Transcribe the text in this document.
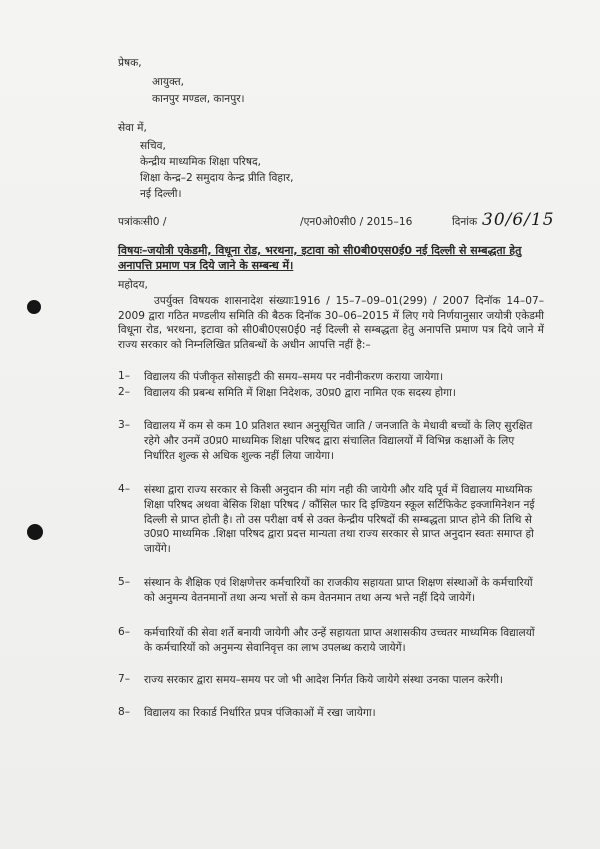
प्रेषक,
आयुक्त,
कानपुर मण्डल, कानपुर।
सेवा में,
सचिव,
केन्द्रीय माध्यमिक शिक्षा परिषद,
शिक्षा केन्द्र–2 समुदाय केन्द्र प्रीति विहार,
नई दिल्ली।
पत्रांकःसी0 /	/एन0ओ0सी0 / 2015–16	दिनांक 30/6/15
विषयः–जयोत्री एकेडमी, विधूना रोड, भरथना, इटावा को सी0बी0एस0ई0 नई दिल्ली से सम्बद्धता हेतु अनापत्ति प्रमाण पत्र दिये जाने के सम्बन्ध में।
महोदय,
उपर्युक्त विषयक शासनादेश संख्याः1916 / 15–7–09–01(299) / 2007 दिनॉक 14–07–2009 द्वारा गठित मण्डलीय समिति की बैठक दिनॉक 30–06–2015 में लिए गये निर्णयानुसार जयोत्री एकेडमी विधूना रोड, भरथना, इटावा को सी0बी0एस0ई0 नई दिल्ली से सम्बद्धता हेतु अनापत्ति प्रमाण पत्र दिये जाने में राज्य सरकार को निम्नलिखित प्रतिबन्धों के अधीन आपत्ति नहीं है:–
1– विद्यालय की पंजीकृत सोसाइटी की समय–समय पर नवीनीकरण कराया जायेगा।
2– विद्यालय की प्रबन्ध समिति में शिक्षा निदेशक, उ0प्र0 द्वारा नामित एक सदस्य होगा।
3– विद्यालय में कम से कम 10 प्रतिशत स्थान अनुसूचित जाति / जनजाति के मेधावी बच्चों के लिए सुरक्षित रहेगे और उनमें उ0प्र0 माध्यमिक शिक्षा परिषद द्वारा संचालित विद्यालयों में विभिन्न कक्षाओं के लिए निर्धारित शुल्क से अधिक शुल्क नहीं लिया जायेगा।
4– संस्था द्वारा राज्य सरकार से किसी अनुदान की मांग नही की जायेगी और यदि पूर्व में विद्यालय माध्यमिक शिक्षा परिषद अथवा बेसिक शिक्षा परिषद / कौंसिल फार दि इण्डियन स्कूल सर्टिफिकेट इक्जामिनेशन नई दिल्ली से प्राप्त होती है। तो उस परीक्षा वर्ष से उक्त केन्द्रीय परिषदों की सम्बद्धता प्राप्त होने की तिथि से उ0प्र0 माध्यमिक .शिक्षा परिषद द्वारा प्रदत्त मान्यता तथा राज्य सरकार से प्राप्त अनुदान स्वतः समाप्त हो जायेंगे।
5– संस्थान के शैक्षिक एवं शिक्षणेत्तर कर्मचारियों का राजकीय सहायता प्राप्त शिक्षण संस्थाओं के कर्मचारियों को अनुमन्य वेतनमानों तथा अन्य भत्तों से कम वेतनमान तथा अन्य भत्ते नहीं दिये जायेगें।
6– कर्मचारियों की सेवा शर्ते बनायी जायेगी और उन्हें सहायता प्राप्त अशासकीय उच्चतर माध्यमिक विद्यालयों के कर्मचारियों को अनुमन्य सेवानिवृत्त का लाभ उपलब्ध कराये जायेगें।
7– राज्य सरकार द्वारा समय–समय पर जो भी आदेश निर्गत किये जायेगे संस्था उनका पालन करेगी।
8– विद्यालय का रिकार्ड निर्धारित प्रपत्र पंजिकाओं में रखा जायेगा।
